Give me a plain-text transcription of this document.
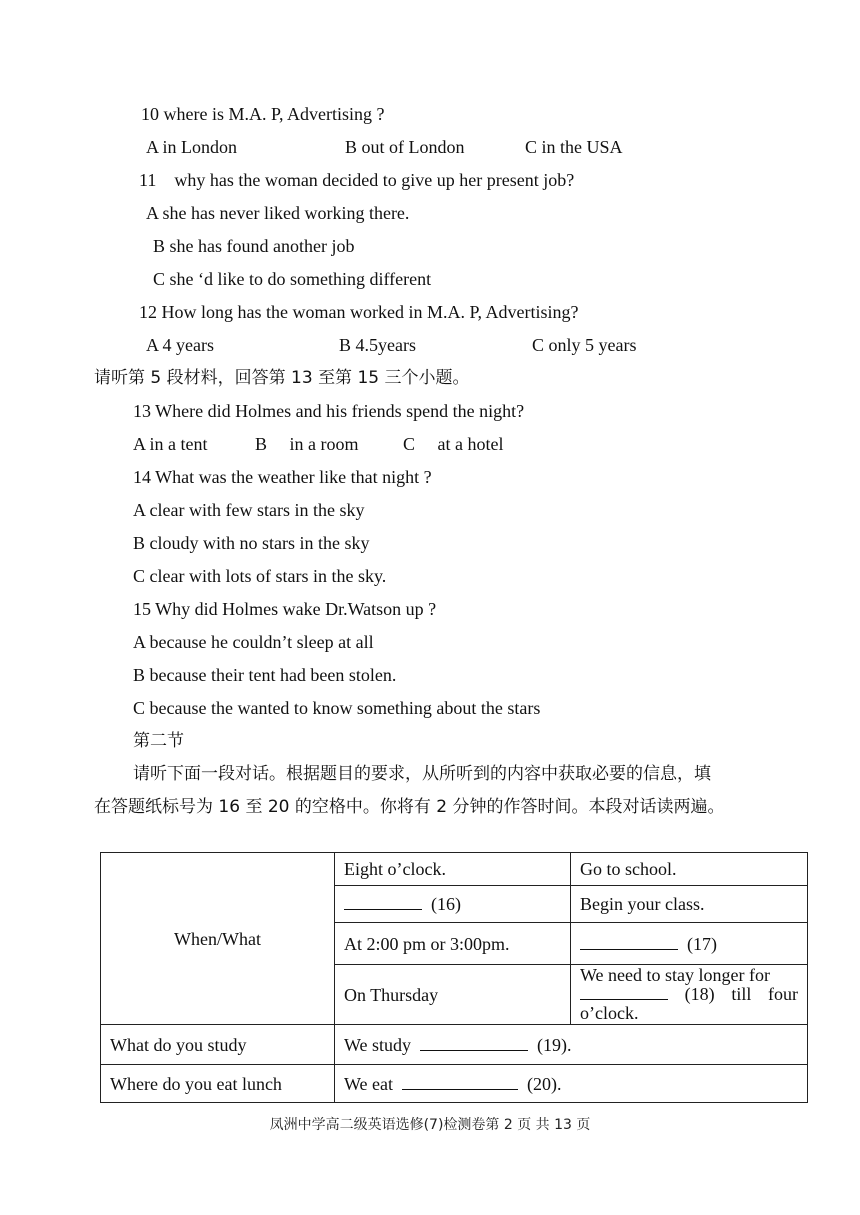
10 where is M.A. P, Advertising ?
A in London	B out of London	C in the USA
11　why has the woman decided to give up her present job?
A she has never liked working there.
B she has found another job
C she ‘d like to do something different
12 How long has the woman worked in M.A. P, Advertising?
A 4 years	B 4.5years	C only 5 years
请听第 5 段材料，回答第 13 至第 15 三个小题。
13 Where did Holmes and his friends spend the night?
A in a tent	B　 in a room C　 at a hotel
14 What was the weather like that night ?
A clear with few stars in the sky
B cloudy with no stars in the sky
C clear with lots of stars in the sky.
15 Why did Holmes wake Dr.Watson up ?
A because he couldn’t sleep at all
B because their tent had been stolen.
C because the wanted to know something about the stars
第二节
请听下面一段对话。根据题目的要求，从所听到的内容中获取必要的信息，填
在答题纸标号为 16 至 20 的空格中。你将有 2 分钟的作答时间。本段对话读两遍。
When/What	Eight o’clock.	Go to school.
	(16)	Begin your class.
	At 2:00 pm or 3:00pm.	(17)
	On Thursday	We need to stay longer for
(18) till four
o’clock.

What do you study	We study (19).	
Where do you eat lunch	We eat (20).	
凤洲中学高二级英语选修(7)检测卷第 2 页 共 13 页
